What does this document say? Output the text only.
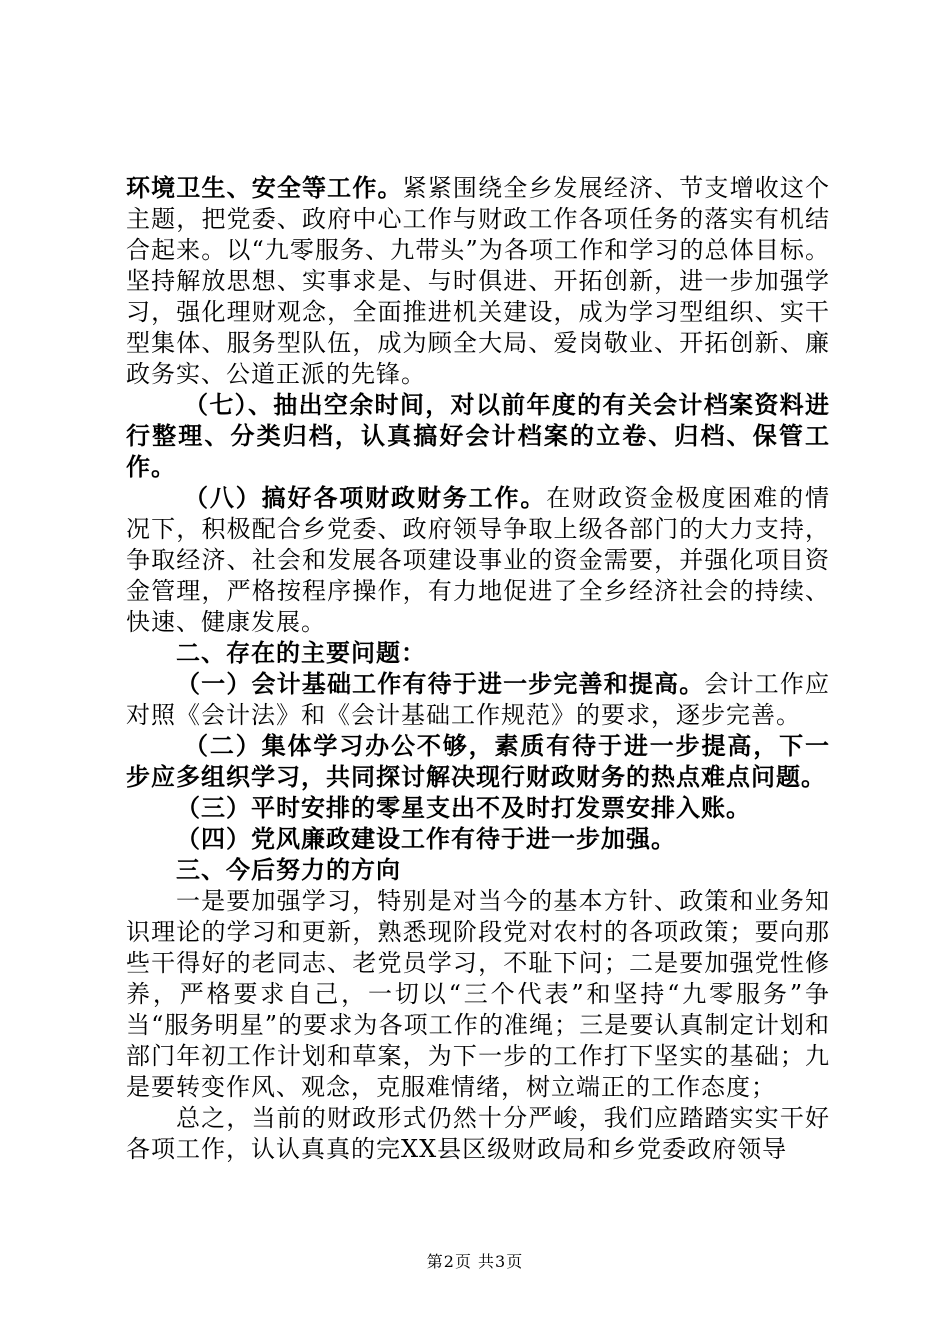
环境卫生、安全等工作。紧紧围绕全乡发展经济、节支增收这个主题，把党委、政府中心工作与财政工作各项任务的落实有机结合起来。以“九零服务、九带头”为各项工作和学习的总体目标。坚持解放思想、实事求是、与时俱进、开拓创新，进一步加强学习，强化理财观念，全面推进机关建设，成为学习型组织、实干型集体、服务型队伍，成为顾全大局、爱岗敬业、开拓创新、廉政务实、公道正派的先锋。

（七）、抽出空余时间，对以前年度的有关会计档案资料进行整理、分类归档，认真搞好会计档案的立卷、归档、保管工作。

（八）搞好各项财政财务工作。在财政资金极度困难的情况下，积极配合乡党委、政府领导争取上级各部门的大力支持，争取经济、社会和发展各项建设事业的资金需要，并强化项目资金管理，严格按程序操作，有力地促进了全乡经济社会的持续、快速、健康发展。

二、存在的主要问题：

（一）会计基础工作有待于进一步完善和提高。会计工作应对照《会计法》和《会计基础工作规范》的要求，逐步完善。

（二）集体学习办公不够，素质有待于进一步提高，下一步应多组织学习，共同探讨解决现行财政财务的热点难点问题。

（三）平时安排的零星支出不及时打发票安排入账。

（四）党风廉政建设工作有待于进一步加强。

三、今后努力的方向

一是要加强学习，特别是对当今的基本方针、政策和业务知识理论的学习和更新，熟悉现阶段党对农村的各项政策；要向那些干得好的老同志、老党员学习，不耻下问；二是要加强党性修养，严格要求自己，一切以“三个代表”和坚持“九零服务”争当“服务明星”的要求为各项工作的准绳；三是要认真制定计划和部门年初工作计划和草案，为下一步的工作打下坚实的基础；九是要转变作风、观念，克服难情绪，树立端正的工作态度；

总之，当前的财政形式仍然十分严峻，我们应踏踏实实干好各项工作，认认真真的完XX县区级财政局和乡党委政府领导

第2页 共3页
